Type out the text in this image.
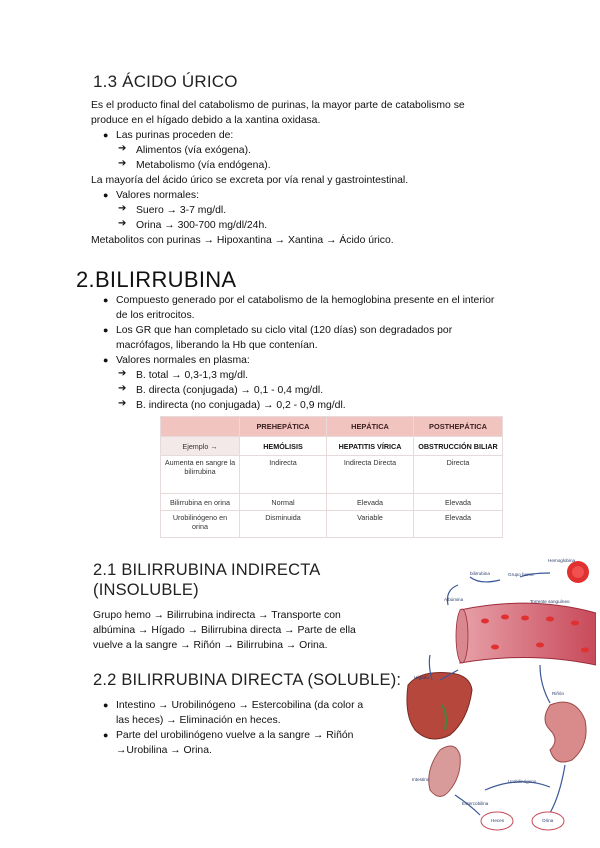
1.3 ÁCIDO ÚRICO
Es el producto final del catabolismo de purinas, la mayor parte de catabolismo se
produce en el hígado debido a la xantina oxidasa.
● Las purinas proceden de:
➔ Alimentos (vía exógena).
➔ Metabolismo (vía endógena).
La mayoría del ácido úrico se excreta por vía renal y gastrointestinal.
● Valores normales:
➔ Suero → 3-7 mg/dl.
➔ Orina → 300-700 mg/dl/24h.
Metabolitos con purinas → Hipoxantina → Xantina → Ácido úrico.
2.BILIRRUBINA
● Compuesto generado por el catabolismo de la hemoglobina presente en el interior
de los eritrocitos.
● Los GR que han completado su ciclo vital (120 días) son degradados por
macrófagos, liberando la Hb que contenían.
● Valores normales en plasma:
➔ B. total → 0,3-1,3 mg/dl.
➔ B. directa (conjugada) → 0,1 - 0,4 mg/dl.
➔ B. indirecta (no conjugada) → 0,2 - 0,9 mg/dl.
	PREHEPÁTICA	HEPÁTICA	POSTHEPÁTICA
Ejemplo →	HEMÓLISIS	HEPATITIS VÍRICA	OBSTRUCCIÓN BILIAR
Aumenta en sangre la bilirrubina	Indirecta	Indirecta Directa	Directa
Bilirrubina en orina	Normal	Elevada	Elevada
Urobilinógeno en orina	Disminuida	Variable	Elevada
2.1 BILIRRUBINA INDIRECTA
(INSOLUBLE)
Grupo hemo → Bilirrubina indirecta → Transporte con
albúmina → Hígado → Bilirrubina directa → Parte de ella
vuelve a la sangre → Riñón → Bilirrubina → Orina.
2.2 BILIRRUBINA DIRECTA (SOLUBLE):
● Intestino → Urobilinógeno → Estercobilina (da color a
las heces) → Eliminación en heces.
● Parte del urobilinógeno vuelve a la sangre → Riñón
→Urobilina → Orina.
Hemoglobina
Grupo hemo
bilirrubina
Albúmina	Torrente sanguíneo
Riñón
Hígado
Intestino	Urobilinógeno
Estercobilina
Heces	Orina
